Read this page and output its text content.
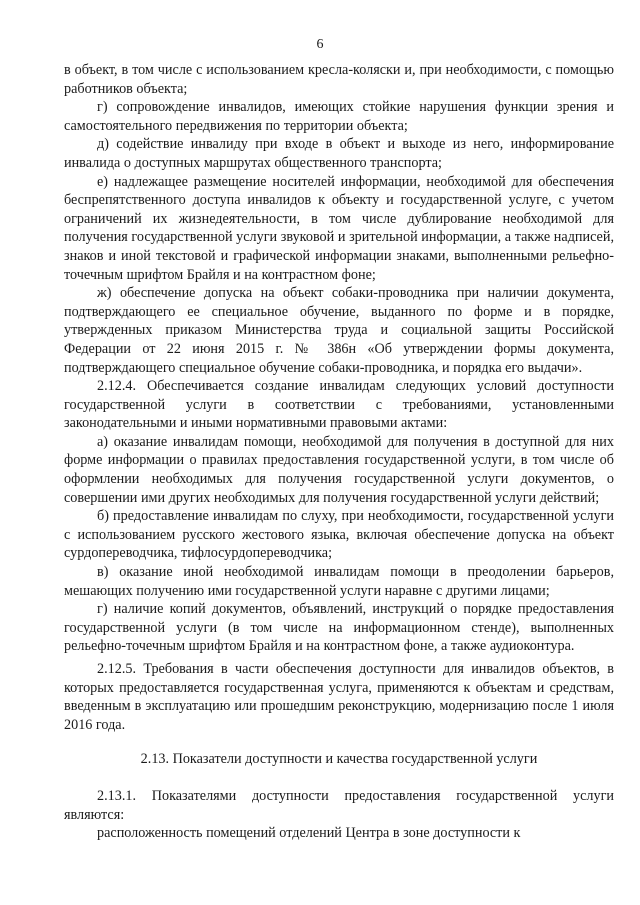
6

в объект, в том числе с использованием кресла-коляски и, при необходимости, с помощью работников объекта;

г) сопровождение инвалидов, имеющих стойкие нарушения функции зрения и самостоятельного передвижения по территории объекта;

д) содействие инвалиду при входе в объект и выходе из него, информирование инвалида о доступных маршрутах общественного транспорта;

е) надлежащее размещение носителей информации, необходимой для обеспечения беспрепятственного доступа инвалидов к объекту и государственной услуге, с учетом ограничений их жизнедеятельности, в том числе дублирование необходимой для получения государственной услуги звуковой и зрительной информации, а также надписей, знаков и иной текстовой и графической информации знаками, выполненными рельефно-точечным шрифтом Брайля и на контрастном фоне;

ж) обеспечение допуска на объект собаки-проводника при наличии документа, подтверждающего ее специальное обучение, выданного по форме и в порядке, утвержденных приказом Министерства труда и социальной защиты Российской Федерации от 22 июня 2015 г. № 386н «Об утверждении формы документа, подтверждающего специальное обучение собаки-проводника, и порядка его выдачи».

2.12.4. Обеспечивается создание инвалидам следующих условий доступности государственной услуги в соответствии с требованиями, установленными законодательными и иными нормативными правовыми актами:

а) оказание инвалидам помощи, необходимой для получения в доступной для них форме информации о правилах предоставления государственной услуги, в том числе об оформлении необходимых для получения государственной услуги документов, о совершении ими других необходимых для получения государственной услуги действий;

б) предоставление инвалидам по слуху, при необходимости, государственной услуги с использованием русского жестового языка, включая обеспечение допуска на объект сурдопереводчика, тифлосурдопереводчика;

в) оказание иной необходимой инвалидам помощи в преодолении барьеров, мешающих получению ими государственной услуги наравне с другими лицами;

г) наличие копий документов, объявлений, инструкций о порядке предоставления государственной услуги (в том числе на информационном стенде), выполненных рельефно-точечным шрифтом Брайля и на контрастном фоне, а также аудиоконтура.

2.12.5. Требования в части обеспечения доступности для инвалидов объектов, в которых предоставляется государственная услуга, применяются к объектам и средствам, введенным в эксплуатацию или прошедшим реконструкцию, модернизацию после 1 июля 2016 года.

2.13. Показатели доступности и качества государственной услуги

2.13.1. Показателями доступности предоставления государственной услуги являются:

расположенность помещений отделений Центра в зоне доступности к
